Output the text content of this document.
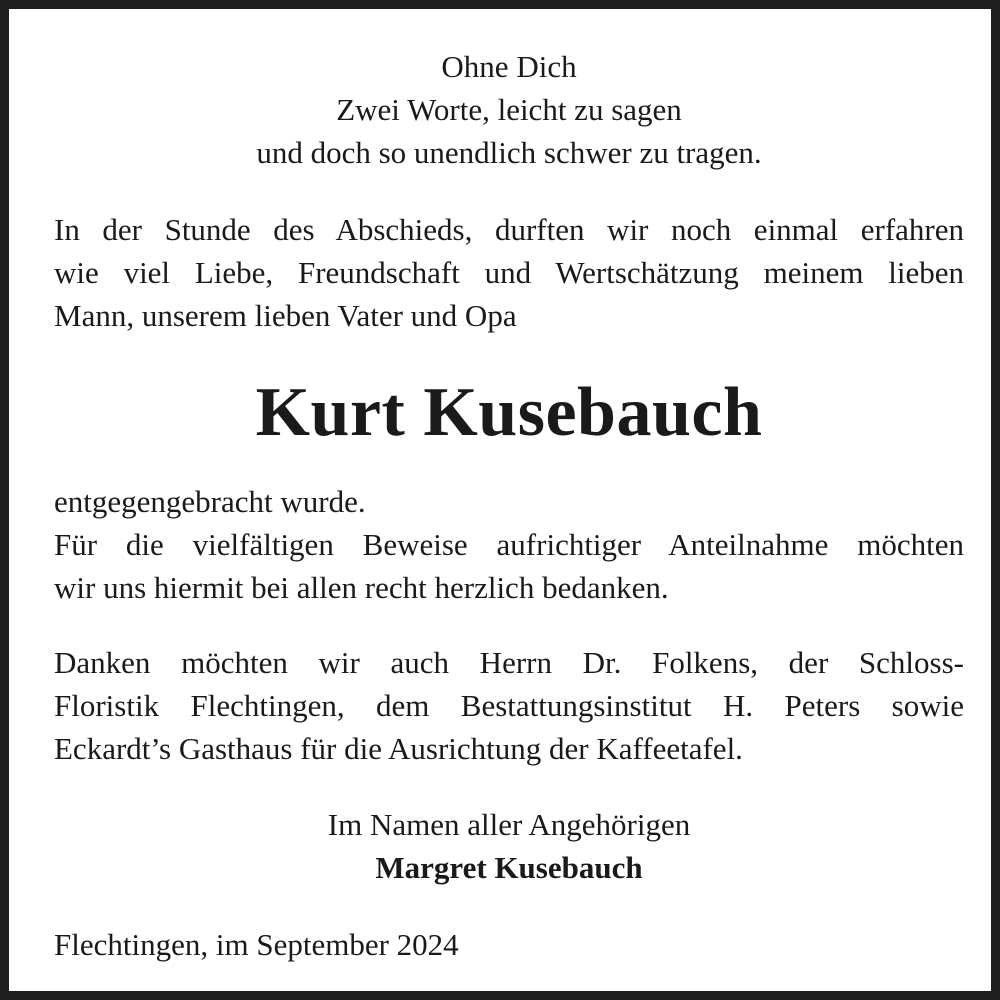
Ohne Dich
Zwei Worte, leicht zu sagen
und doch so unendlich schwer zu tragen.
In der Stunde des Abschieds, durften wir noch einmal erfahren
wie viel Liebe, Freundschaft und Wertschätzung meinem lieben
Mann, unserem lieben Vater und Opa
Kurt Kusebauch
entgegengebracht wurde.
Für die vielfältigen Beweise aufrichtiger Anteilnahme möchten
wir uns hiermit bei allen recht herzlich bedanken.
Danken möchten wir auch Herrn Dr. Folkens, der Schloss-
Floristik Flechtingen, dem Bestattungsinstitut H. Peters sowie
Eckardt’s Gasthaus für die Ausrichtung der Kaffeetafel.
Im Namen aller Angehörigen
Margret Kusebauch
Flechtingen, im September 2024
